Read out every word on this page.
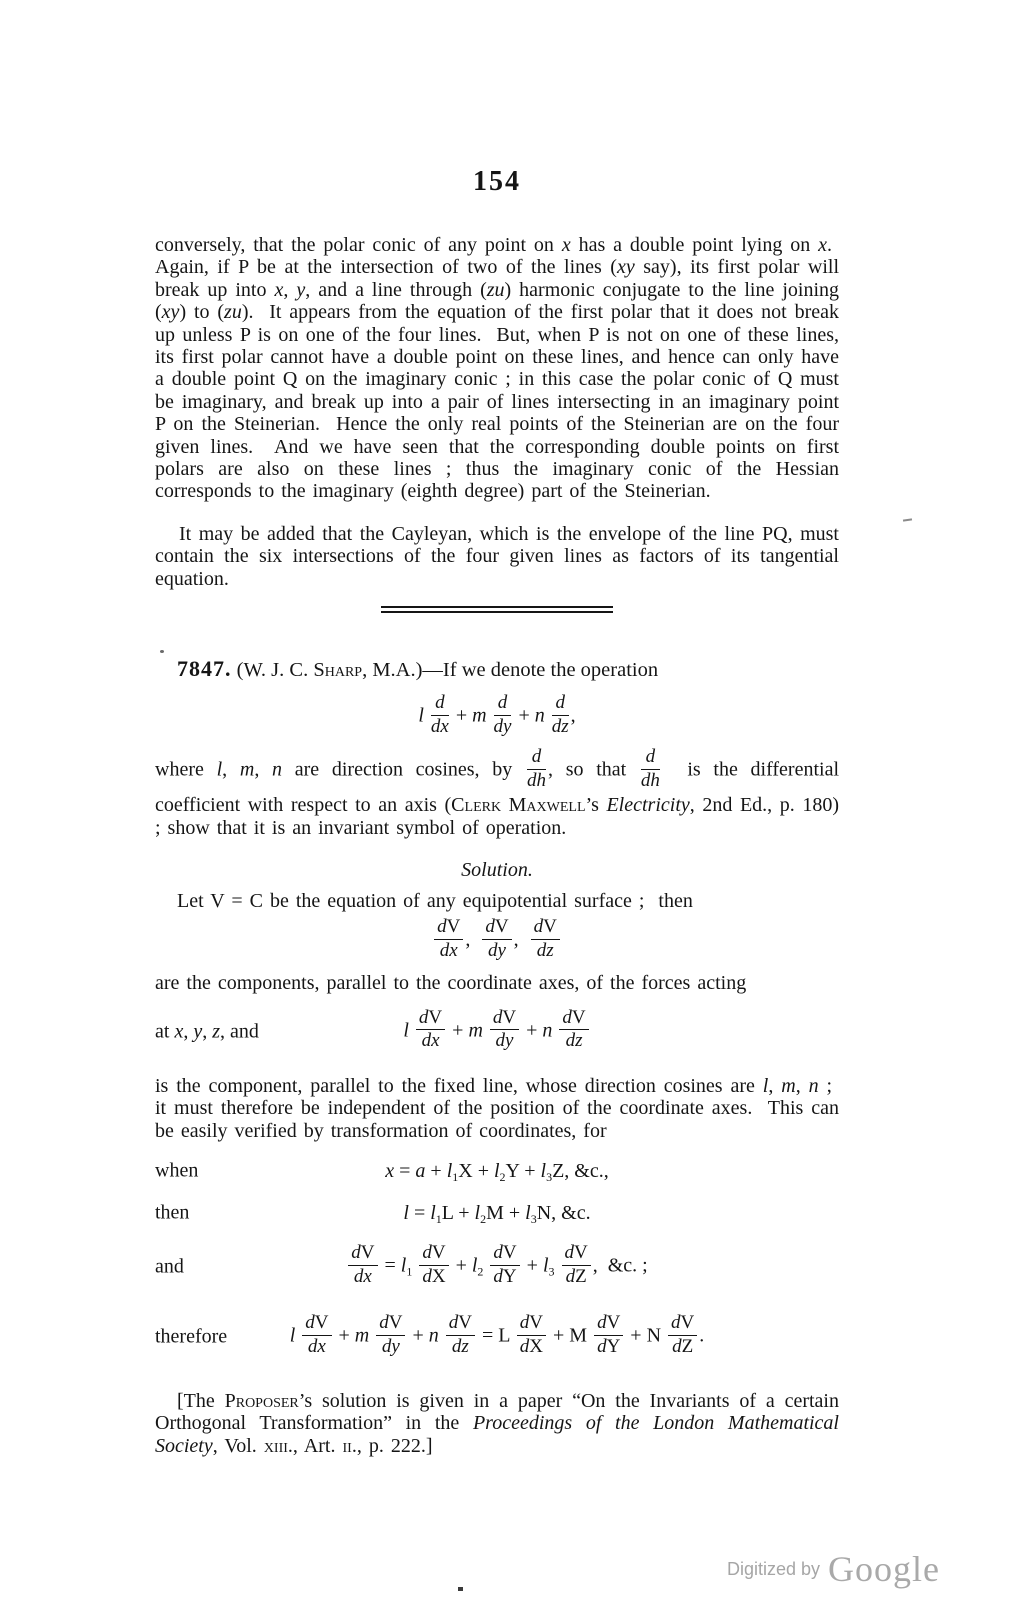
154

conversely, that the polar conic of any point on x has a double point lying on x.  Again, if P be at the intersection of two of the lines (xy say), its first polar will break up into x, y, and a line through (zu) harmonic conjugate to the line joining (xy) to (zu).  It appears from the equation of the first polar that it does not break up unless P is on one of the four lines.  But, when P is not on one of these lines, its first polar cannot have a double point on these lines, and hence can only have a double point Q on the imaginary conic ; in this case the polar conic of Q must be imaginary, and break up into a pair of lines intersecting in an imaginary point P on the Steinerian.  Hence the only real points of the Steinerian are on the four given lines.  And we have seen that the corresponding double points on first polars are also on these lines ; thus the imaginary conic of the Hessian corresponds to the imaginary (eighth degree) part of the Steinerian.

It may be added that the Cayleyan, which is the envelope of the line PQ, must contain the six intersections of the four given lines as factors of its tangential equation.

7847. (W. J. C. Sharp, M.A.)—If we denote the operation
l $\frac{d}{dx} + m \frac{d}{dy} + n \frac{d}{dz}$ ,

where l, m, n are direction cosines, by $\frac{d}{dh}$ , so that $\frac{d}{dh}$ is the differential coefficient with respect to an axis (Clerk Maxwell’s Electricity, 2nd Ed., p. 180) ; show that it is an invariant symbol of operation.

Solution.
Let V = C be the equation of any equipotential surface ;  then
$\frac{dV}{dx}$ , $\frac{dV}{dy}$ , $\frac{dV}{dz}$
are the components, parallel to the coordinate axes, of the forces acting
at x, y, z, and	l $\frac{dV}{dx} + m \frac{dV}{dy} + n \frac{dV}{dz}$

is the component, parallel to the fixed line, whose direction cosines are l, m, n ;  it must therefore be independent of the position of the coordinate axes.  This can be easily verified by transformation of coordinates, for

when	$x = a + l_1X + l_2Y + l_3Z$, &c.,
then	$l = l_1L + l_2M + l_3N$, &c.
and	$\frac{dV}{dx} = l_1 \frac{dV}{dX} + l_2 \frac{dV}{dY} + l_3 \frac{dV}{dZ}$ ,  &c. ;
therefore	l $\frac{dV}{dx} + m \frac{dV}{dy} + n \frac{dV}{dz} = L \frac{dV}{dX} + M \frac{dV}{dY} + N \frac{dV}{dZ}$ .

[The Proposer’s solution is given in a paper “On the Invariants of a certain Orthogonal Transformation” in the Proceedings of the London Mathematical Society, Vol. xiii., Art. ii., p. 222.]

Digitized by Google
